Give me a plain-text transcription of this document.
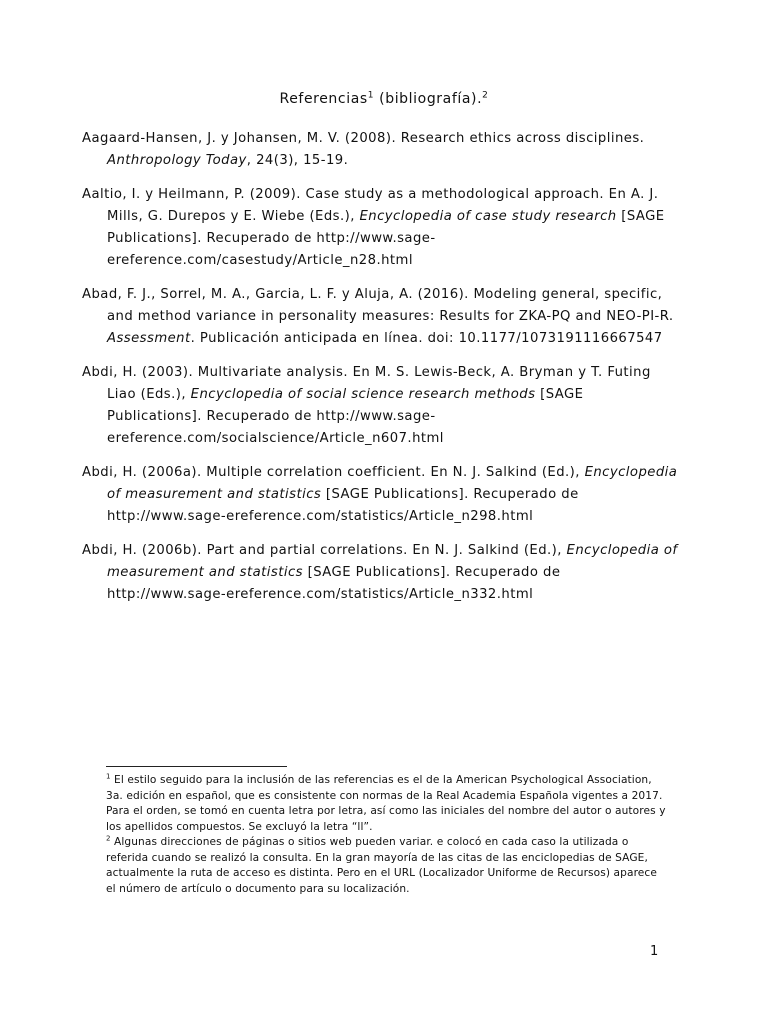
Referencias$^1$ (bibliografía).$^2$

Aagaard-Hansen, J. y Johansen, M. V. (2008). Research ethics across disciplines. Anthropology Today, 24(3), 15-19.

Aaltio, I. y Heilmann, P. (2009). Case study as a methodological approach. En A. J. Mills, G. Durepos y E. Wiebe (Eds.), Encyclopedia of case study research [SAGE Publications]. Recuperado de http://www.sage-ereference.com/casestudy/Article_n28.html

Abad, F. J., Sorrel, M. A., Garcia, L. F. y Aluja, A. (2016). Modeling general, specific, and method variance in personality measures: Results for ZKA-PQ and NEO-PI-R. Assessment. Publicación anticipada en línea. doi: 10.1177/1073191116667547

Abdi, H. (2003). Multivariate analysis. En M. S. Lewis-Beck, A. Bryman y T. Futing Liao (Eds.), Encyclopedia of social science research methods [SAGE Publications]. Recuperado de http://www.sage-ereference.com/socialscience/Article_n607.html

Abdi, H. (2006a). Multiple correlation coefficient. En N. J. Salkind (Ed.), Encyclopedia of measurement and statistics [SAGE Publications]. Recuperado de http://www.sage-ereference.com/statistics/Article_n298.html

Abdi, H. (2006b). Part and partial correlations. En N. J. Salkind (Ed.), Encyclopedia of measurement and statistics [SAGE Publications]. Recuperado de http://www.sage-ereference.com/statistics/Article_n332.html

$^1$ El estilo seguido para la inclusión de las referencias es el de la American Psychological Association, 3a. edición en español, que es consistente con normas de la Real Academia Española vigentes a 2017. Para el orden, se tomó en cuenta letra por letra, así como las iniciales del nombre del autor o autores y los apellidos compuestos. Se excluyó la letra “ll”.

$^2$ Algunas direcciones de páginas o sitios web pueden variar. e colocó en cada caso la utilizada o referida cuando se realizó la consulta. En la gran mayoría de las citas de las enciclopedias de SAGE, actualmente la ruta de acceso es distinta. Pero en el URL (Localizador Uniforme de Recursos) aparece el número de artículo o documento para su localización.

1
